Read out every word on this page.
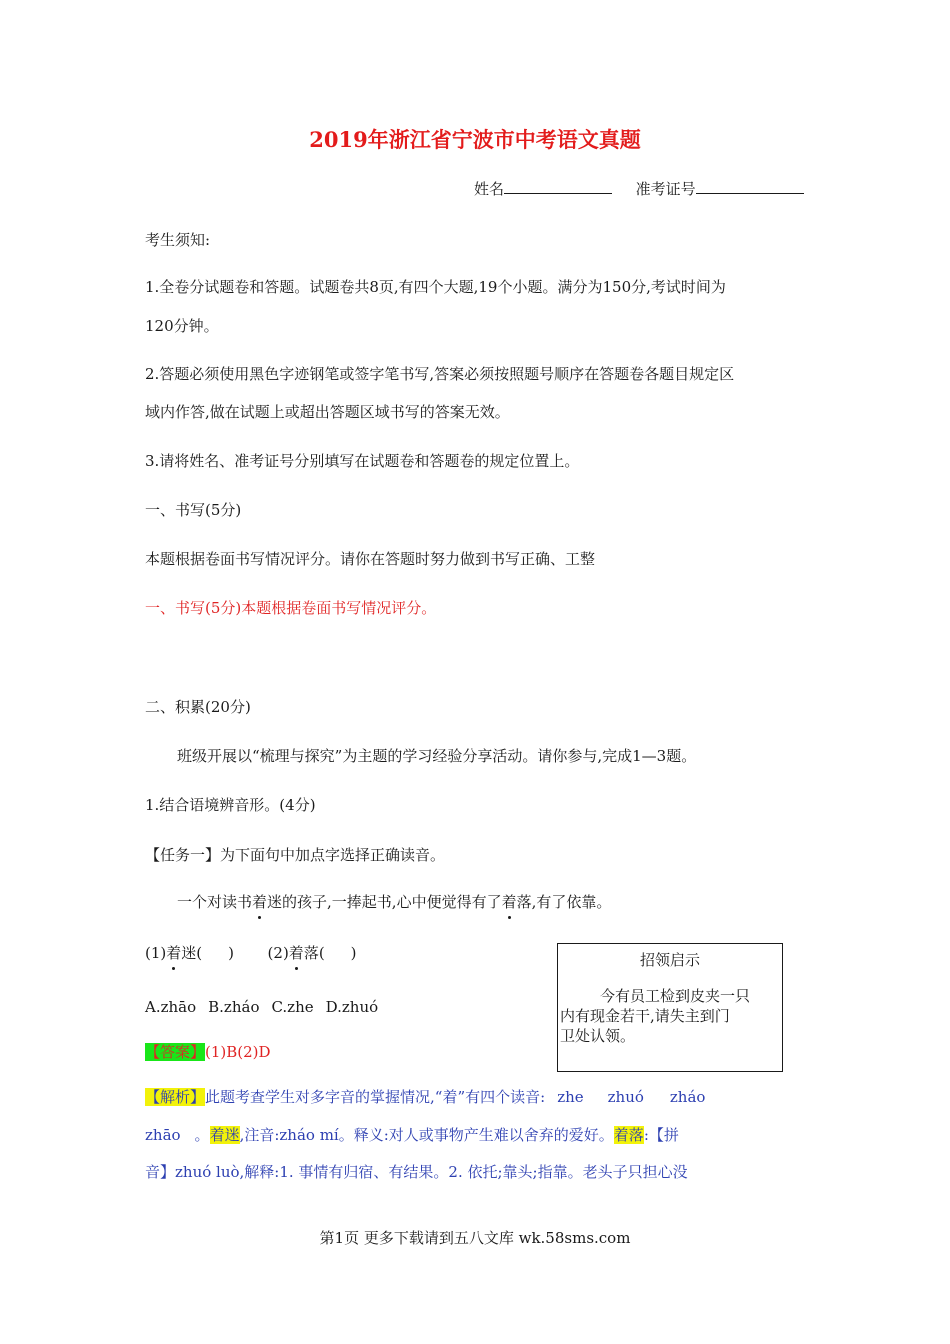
2019年浙江省宁波市中考语文真题
姓名	准考证号
考生须知:
1.全卷分试题卷和答题。试题卷共8页,有四个大题,19个小题。满分为150分,考试时间为
120分钟。
2.答题必须使用黑色字迹钢笔或签字笔书写,答案必须按照题号顺序在答题卷各题目规定区
域内作答,做在试题上或超出答题区域书写的答案无效。
3.请将姓名、准考证号分别填写在试题卷和答题卷的规定位置上。
一、书写(5分)
本题根据卷面书写情况评分。请你在答题时努力做到书写正确、工整
一、书写(5分)本题根据卷面书写情况评分。
二、积累(20分)
班级开展以“梳理与探究”为主题的学习经验分享活动。请你参与,完成1—3题。
1.结合语境辨音形。(4分)
【任务一】为下面句中加点字选择正确读音。
一个对读书着迷的孩子,一捧起书,心中便觉得有了着落,有了依靠。
(1)着迷( ) (2)着落( )
A.zhāo B.zháo C.zhe D.zhuó
【答案】(1)B(2)D
【解析】此题考查学生对多字音的掌握情况,“着”有四个读音: zhe zhuó zháo
zhāo 。着迷,注音:zháo mí。释义:对人或事物产生难以舍弃的爱好。着落:【拼
音】zhuó luò,解释:1. 事情有归宿、有结果。2. 依托;靠头;指靠。老头子只担心没
招领启示
今有员工检到皮夹一只
内有现金若干,请失主到门
卫处认领。
第1页 更多下载请到五八文库 wk.58sms.com
